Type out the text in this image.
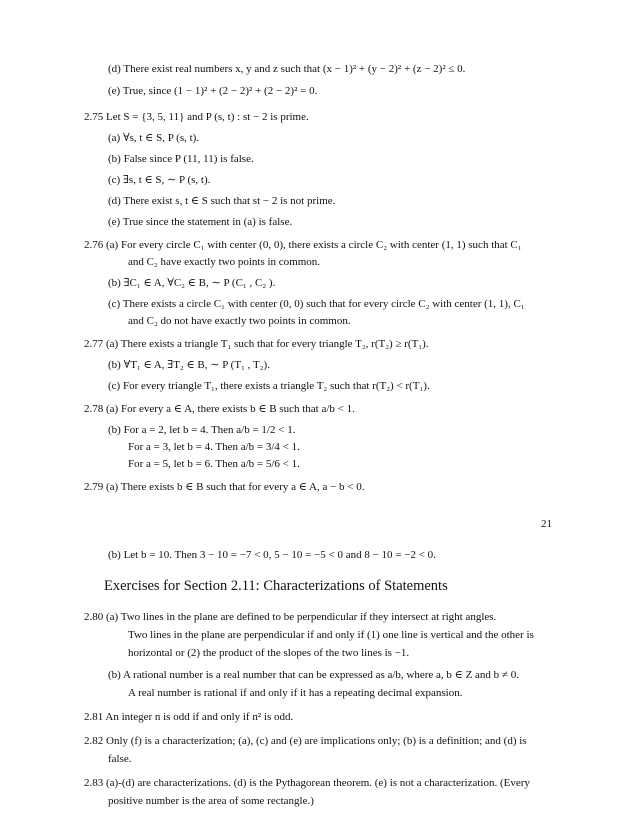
(d) There exist real numbers x, y and z such that (x − 1)² + (y − 2)² + (z − 2)² ≤ 0.
(e) True, since (1 − 1)² + (2 − 2)² + (2 − 2)² = 0.
2.75 Let S = {3, 5, 11} and P (s, t) : st − 2 is prime.
(a) ∀s, t ∈ S, P (s, t).
(b) False since P (11, 11) is false.
(c) ∃s, t ∈ S, ∼ P (s, t).
(d) There exist s, t ∈ S such that st − 2 is not prime.
(e) True since the statement in (a) is false.
2.76 (a) For every circle C₁ with center (0, 0), there exists a circle C₂ with center (1, 1) such that C₁
and C₂ have exactly two points in common.
(b) ∃C₁ ∈ A, ∀C₂ ∈ B, ∼ P (C₁ , C₂ ).
(c) There exists a circle C₁ with center (0, 0) such that for every circle C₂ with center (1, 1), C₁
and C₂ do not have exactly two points in common.
2.77 (a) There exists a triangle T₁ such that for every triangle T₂, r(T₂) ≥ r(T₁).
(b) ∀T₁ ∈ A, ∃T₂ ∈ B, ∼ P (T₁ , T₂).
(c) For every triangle T₁, there exists a triangle T₂ such that r(T₂) < r(T₁).
2.78 (a) For every a ∈ A, there exists b ∈ B such that a/b < 1.
(b) For a = 2, let b = 4. Then a/b = 1/2 < 1.
For a = 3, let b = 4. Then a/b = 3/4 < 1.
For a = 5, let b = 6. Then a/b = 5/6 < 1.
2.79 (a) There exists b ∈ B such that for every a ∈ A, a − b < 0.
21
(b) Let b = 10. Then 3 − 10 = −7 < 0, 5 − 10 = −5 < 0 and 8 − 10 = −2 < 0.
Exercises for Section 2.11: Characterizations of Statements
2.80 (a) Two lines in the plane are defined to be perpendicular if they intersect at right angles.
Two lines in the plane are perpendicular if and only if (1) one line is vertical and the other is
horizontal or (2) the product of the slopes of the two lines is −1.
(b) A rational number is a real number that can be expressed as a/b, where a, b ∈ Z and b ≠ 0.
A real number is rational if and only if it has a repeating decimal expansion.
2.81 An integer n is odd if and only if n² is odd.
2.82 Only (f) is a characterization; (a), (c) and (e) are implications only; (b) is a definition; and (d) is
false.
2.83 (a)-(d) are characterizations. (d) is the Pythagorean theorem. (e) is not a characterization. (Every
positive number is the area of some rectangle.)
